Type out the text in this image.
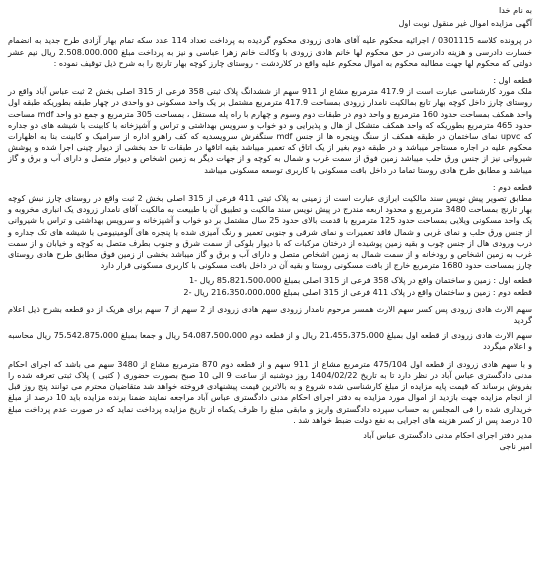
به نام خدا

آگهی مزایده اموال غیر منقول نوبت اول

در پرونده کلاسه 0301115 / اجرائیه محکوم علیه آقای هادی زرودی محکوم گردیده به پرداخت تعداد 114 عدد سکه تمام بهار آزادی طرح جدید به انضمام خسارت دادرسی و هزینه دادرسی در حق محکوم لها خانم هادی زرودی با وکالت خانم زهرا عباسی و نیز به پرداخت مبلغ 2.508.000.000 ریال نیم عشر دولتی که محکوم لها جهت مطالبه محکوم به اموال محکوم علیه واقع در کلاردشت - روستای چارز کوچه بهار تارنج را به شرح ذیل توقیف نموده :

قطعه اول :

ملک مورد کارشناسی عبارت است از 417.9 مترمربع مشاع از 911 سهم از ششدانگ پلاک ثبتی 358 فرعی از 315 اصلی بخش 2 ثبت عباس آباد واقع در روستای چارز داخل کوچه بهار تابع بمالکیت نامدار زرودی بمساحت 417.9 مترمربع مشتمل بر یک واحد مسکونی دو واحدی در چهار طبقه بطوریکه طبقه اول واحد همکف بمساحت حدود 160 مترمربع و واحد دوم در طبقات دوم وسوم و چهارم با راه پله مستقل ، بمساحت 305 مترمربع و جمع دو واحد mdf مساحت حدود 465 مترمربع بطوریکه که واحد همکف متشکل از هال و پذیرایی و دو خواب و سرویس بهداشتی و تراس و آشپزخانه با کابینت با شیشه های دو جداره که upvc نمای ساختمان در طبقه همکف از سنگ وپنجره ها از جنس mdf سنگفرش سرویسدیه که کف راهرو اداره از سرامیک و کابینت بنا به اظهارات محکوم علیه در اجاره مستاجر میباشد و در طبقه دوم بغیر از یک اتاق که تعمیر میباشد بقیه اتاقها در طبقات تا حد بخشی از دیوار چینی اجرا شده و پوشش شیروانی نیز از جنس ورق حلب میباشد زمین فوق از سمت غرب و شمال به کوچه و از جهات دیگر به زمین اشخاص و دیوار متصل و دارای آب و برق و گاز میباشد و مطابق طرح هادی روستا تماما در داخل بافت مسکونی با کاربری توسعه مسکونی میباشد

قطعه دوم :

مطابق تصویر پیش نویس سند مالکیت ابرازی عبارت است از زمینی به پلاک ثبتی 411 فرعی از 315 اصلی بخش 2 ثبت واقع در روستای چارز نبش کوچه بهار تارنج بمساحت 3480 مترمربع و محدود اربعه مندرج در پیش نویس سند مالکیت و تطبیق آن با طبیعت به مالکیت آقای نامدار زرودی یک انباری مخروبه و یک واحد مسکونی ویلایی بمساحت حدود 125 مترمربع با قدمت بالای حدود 25 سال مشتمل بر دو خواب و آشپزخانه و سرویس بهداشتی و تراس با شیروانی از جنس ورق حلب و نمای غربی و شمال فاقد تعمیرات و نمای شرقی و جنوبی تعمیر و رنگ آمیزی شده با پنجره های آلومینیومی با شیشه های تک جداره و درب ورودی هال از جنس چوب و بقیه زمین پوشیده از درختان مرکبات که با دیوار بلوکی از سمت شرق و جنوب بطرف متصل به کوچه و خیابان و از سمت غرب به زمین اشخاص و رودخانه و از سمت شمال به زمین اشخاص متصل و دارای آب و برق و گاز میباشد بخشی از زمین فوق مطابق طرح هادی روستای چارز بمساحت حدود 1680 مترمربع خارج از بافت مسکونی روستا و بقیه آن در داخل بافت مسکونی با کاربری مسکونی قرار دارد

قطعه اول : زمین و ساختمان واقع در پلاک 358 فرعی از 315 اصلی بمبلغ 85،821،500،000 ریال -1

قطعه دوم : زمین و ساختمان واقع در پلاک 411 فرعی از 315 اصلی بمبلغ 216،350،000،000 ریال -2

سهم الارث هادی زرودی پس کسر سهم الارث همسر مرحوم نامدار زرودی سهم هادی زرودی از 2 سهم از 7 سهم برای هریک از دو قطعه بشرح ذیل اعلام گردید

سهم الارث هادی زرودی از قطعه اول بمبلغ 21،455،375،000 ریال و از قطعه دوم 54،087،500،000 ریال و جمعا بمبلغ 75،542،875،000 ریال محاسبه و اعلام میگردد

و با سهم هادی زرودی از قطعه اول 475/104 مترمربع مشاع از 911 سهم و از قطعه دوم 870 مترمربع مشاع از 3480 سهم می باشد که اجرای احکام مدنی دادگستری عباس آباد در نظر دارد تا به تاریخ 1404/02/22 روز دوشنبه از ساعت 9 الی 10 صبح بصورت حضوری ( کتبی ) پلاک ثبتی تعرفه شده را بفروش برساند که قیمت پایه مزایده از مبلغ کارشناسی شده شروع و به بالاترین قیمت پیشنهادی فروخته خواهد شد متقاضیان محترم می توانند پنج روز قبل از انجام مزایده جهت بازدید از اموال مورد مزایده به دفتر اجرای احکام مدنی دادگستری عباس آباد مراجعه نمایند ضمنا برنده مزایده باید 10 درصد از مبلغ خریداری شده را فی المجلس به حساب سپرده دادگستری واریز و مابقی مبلغ را ظرف یکماه از تاریخ مزایده پرداخت نماید که در صورت عدم پرداخت مبلغ 10 درصد پس از کسر هزینه های اجرایی به نفع دولت ضبط خواهد شد .

مدیر دفتر اجرای احکام مدنی دادگستری عباس آباد

امیر ناجی
